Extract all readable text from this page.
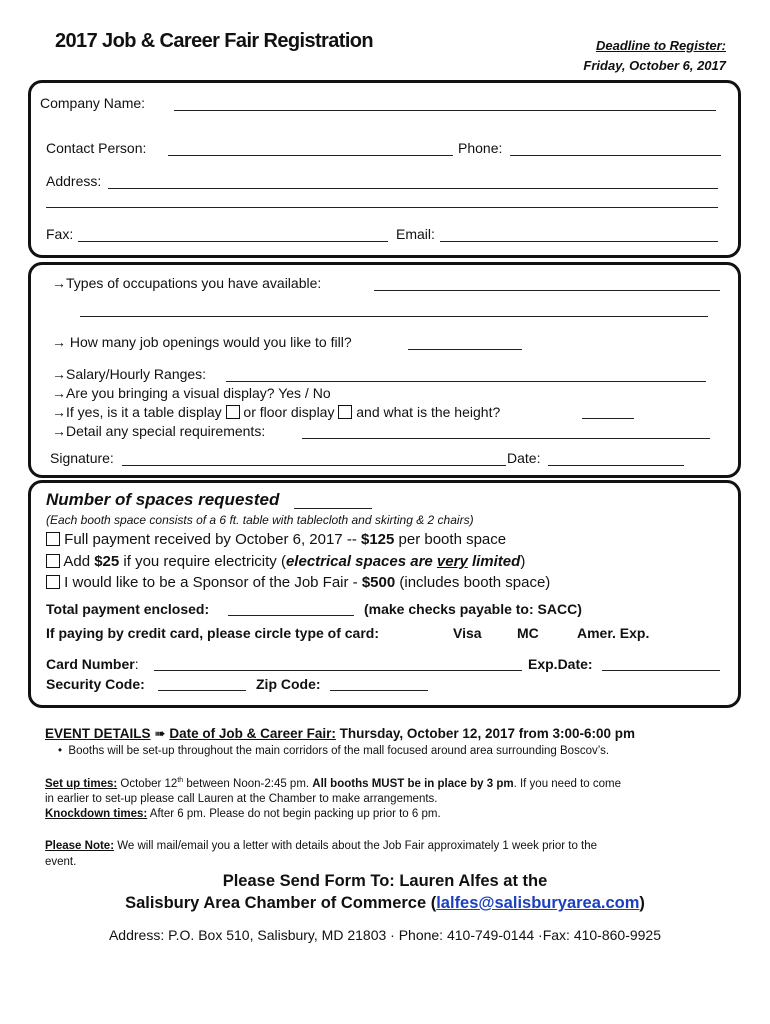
2017 Job & Career Fair Registration	Deadline to Register:
Friday, October 6, 2017
Company Name:
Contact Person:	Phone:
Address:
Fax:	Email:
→Types of occupations you have available:
→ How many job openings would you like to fill?
→Salary/Hourly Ranges:
→Are you bringing a visual display? Yes / No
→If yes, is it a table display or floor display and what is the height?
→Detail any special requirements:
Signature:	Date:
Number of spaces requested
(Each booth space consists of a 6 ft. table with tablecloth and skirting & 2 chairs)
Full payment received by October 6, 2017 -- $125 per booth space
Add $25 if you require electricity (electrical spaces are very limited)
I would like to be a Sponsor of the Job Fair - $500 (includes booth space)
Total payment enclosed:	(make checks payable to: SACC)
If paying by credit card, please circle type of card:	Visa	MC	Amer. Exp.
Card Number:	Exp.Date:
Security Code:	Zip Code:
EVENT DETAILS ➠ Date of Job & Career Fair: Thursday, October 12, 2017 from 3:00-6:00 pm
• Booths will be set-up throughout the main corridors of the mall focused around area surrounding Boscov’s.
Set up times: October 12th between Noon-2:45 pm. All booths MUST be in place by 3 pm. If you need to come
in earlier to set-up please call Lauren at the Chamber to make arrangements.
Knockdown times: After 6 pm. Please do not begin packing up prior to 6 pm.
Please Note: We will mail/email you a letter with details about the Job Fair approximately 1 week prior to the
event.
Please Send Form To: Lauren Alfes at the
Salisbury Area Chamber of Commerce (lalfes@salisburyarea.com)
Address: P.O. Box 510, Salisbury, MD 21803 · Phone: 410-749-0144 ·Fax: 410-860-9925
